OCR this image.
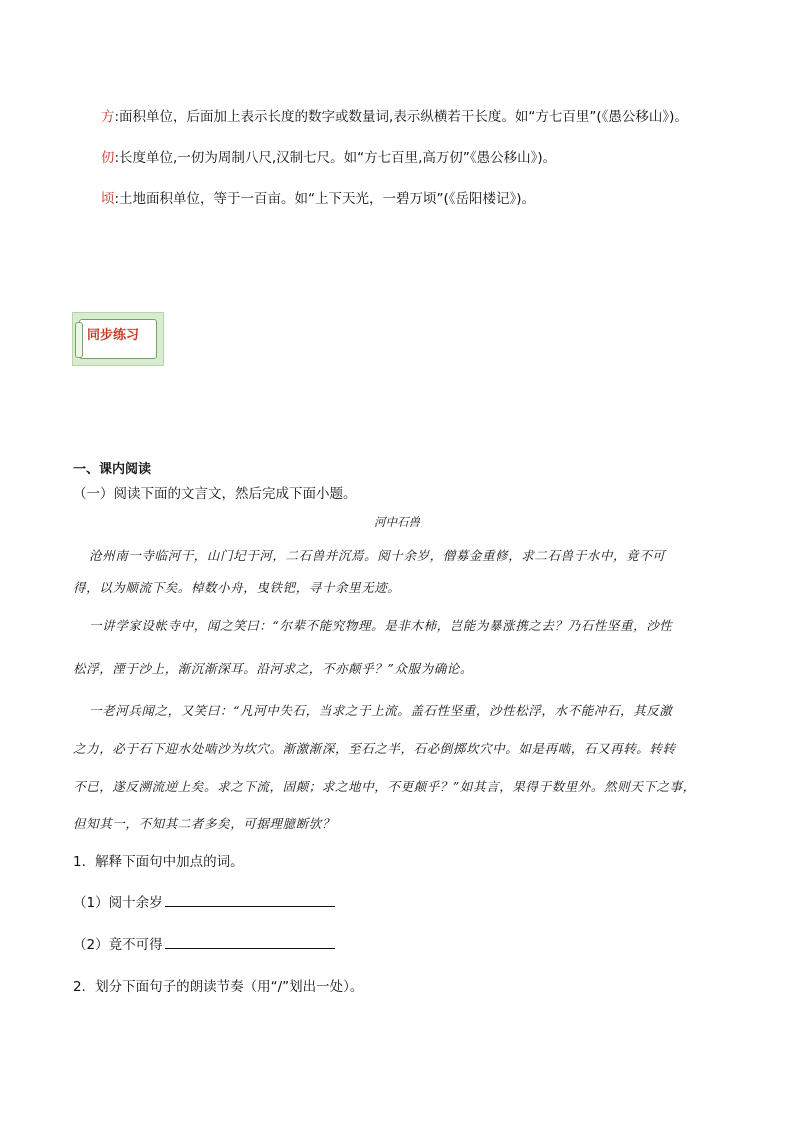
方:面积单位，后面加上表示长度的数字或数量词,表示纵横若干长度。如“方七百里”(《愚公移山》)。
仞:长度单位,一仞为周制八尺,汉制七尺。如“方七百里,高万仞”《愚公移山》)。
顷:土地面积单位，等于一百亩。如“上下天光，一碧万顷”(《岳阳楼记》)。
同步练习
一、课内阅读
（一）阅读下面的文言文，然后完成下面小题。
河中石兽
沧州南一寺临河干，山门圮于河，二石兽并沉焉。阅十余岁，僧募金重修，求二石兽于水中，竟不可
得，以为顺流下矣。棹数小舟，曳铁钯，寻十余里无迹。
一讲学家设帐寺中，闻之笑曰：“尔辈不能究物理。是非木柿，岂能为暴涨携之去？乃石性坚重，沙性
松浮，湮于沙上，渐沉渐深耳。沿河求之，不亦颠乎？”众服为确论。
一老河兵闻之，又笑曰：“凡河中失石，当求之于上流。盖石性坚重，沙性松浮，水不能冲石，其反激
之力，必于石下迎水处啮沙为坎穴。渐激渐深，至石之半，石必倒掷坎穴中。如是再啮，石又再转。转转
不已，遂反溯流逆上矣。求之下流，固颠；求之地中，不更颠乎？”如其言，果得于数里外。然则天下之事，
但知其一，不知其二者多矣，可据理臆断欤？
1．解释下面句中加点的词。
（1）阅十余岁
（2）竟不可得
2．划分下面句子的朗读节奏（用“/”划出一处）。
